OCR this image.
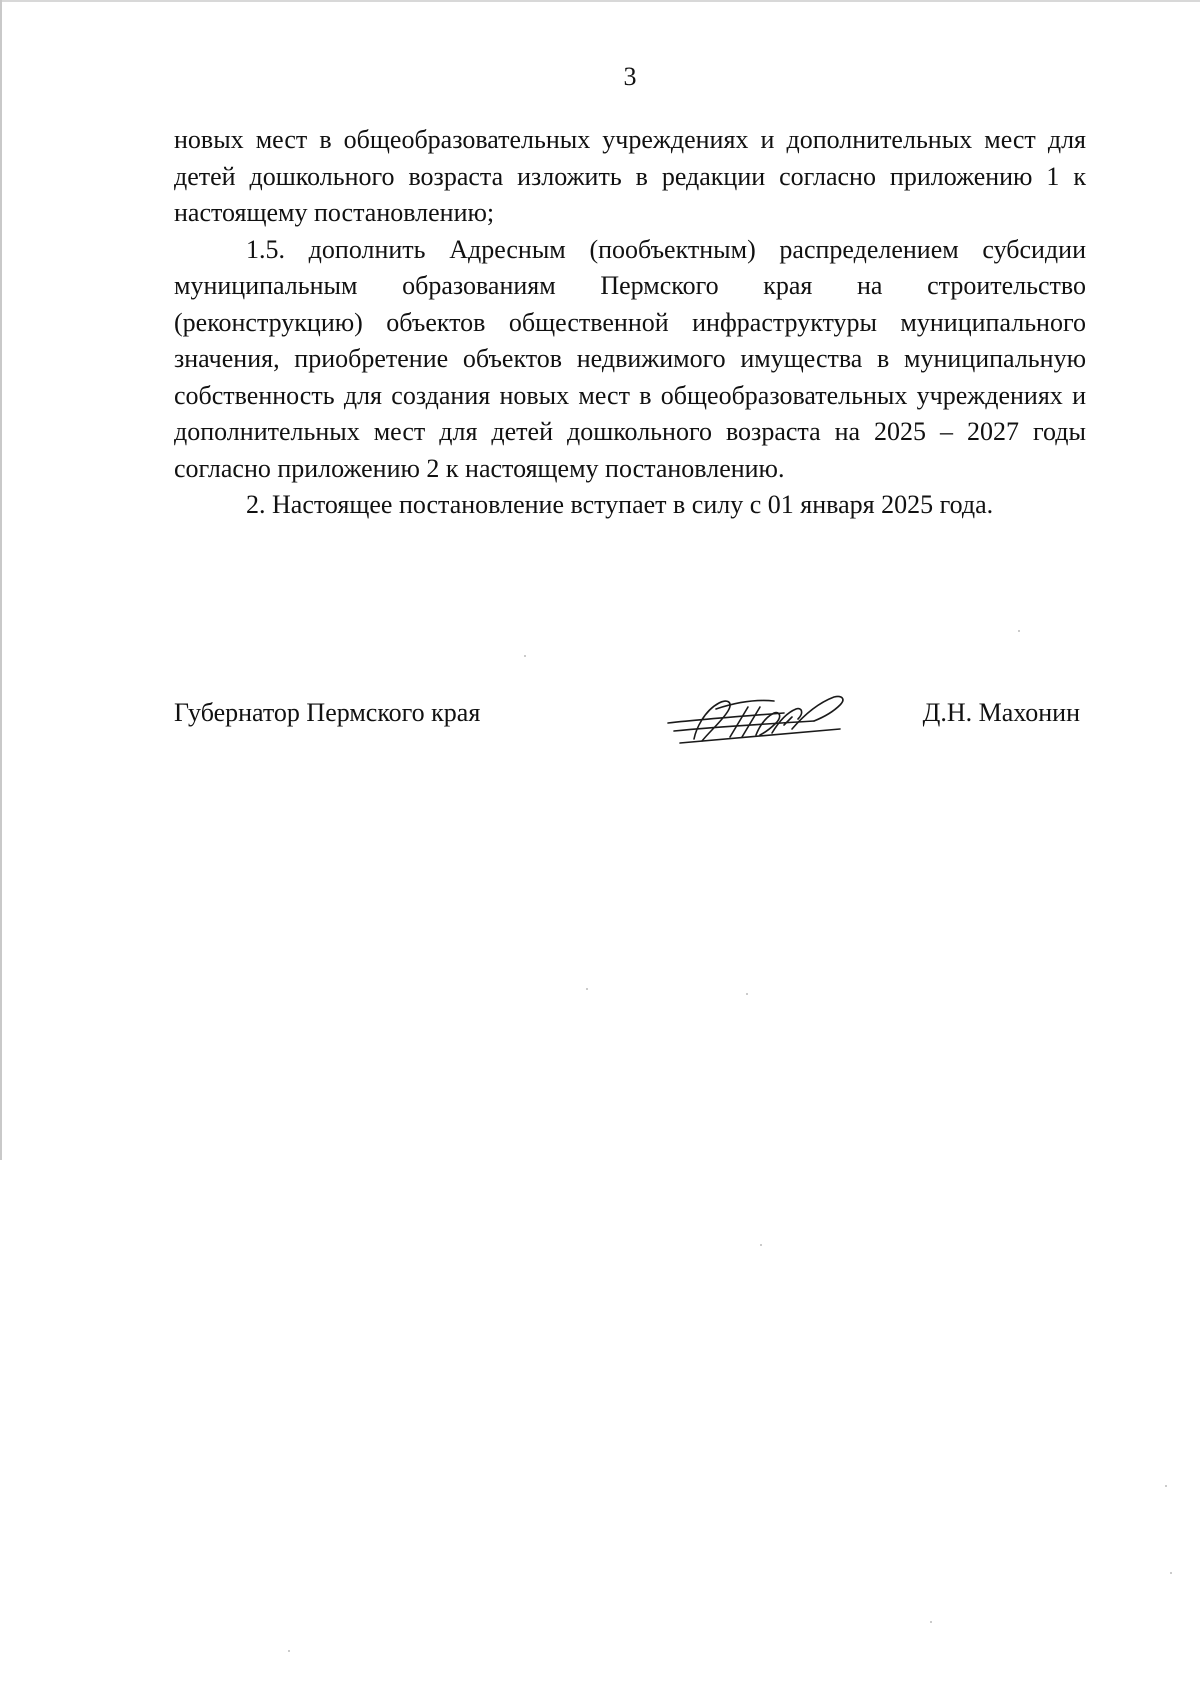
3

новых мест в общеобразовательных учреждениях и дополнительных мест для детей дошкольного возраста изложить в редакции согласно приложению 1 к настоящему постановлению;

1.5. дополнить Адресным (пообъектным) распределением субсидии муниципальным образованиям Пермского края на строительство (реконструкцию) объектов общественной инфраструктуры муниципального значения, приобретение объектов недвижимого имущества в муниципальную собственность для создания новых мест в общеобразовательных учреждениях и дополнительных мест для детей дошкольного возраста на 2025 – 2027 годы согласно приложению 2 к настоящему постановлению.

2. Настоящее постановление вступает в силу с 01 января 2025 года.

Губернатор Пермского края	Д.Н. Махонин
